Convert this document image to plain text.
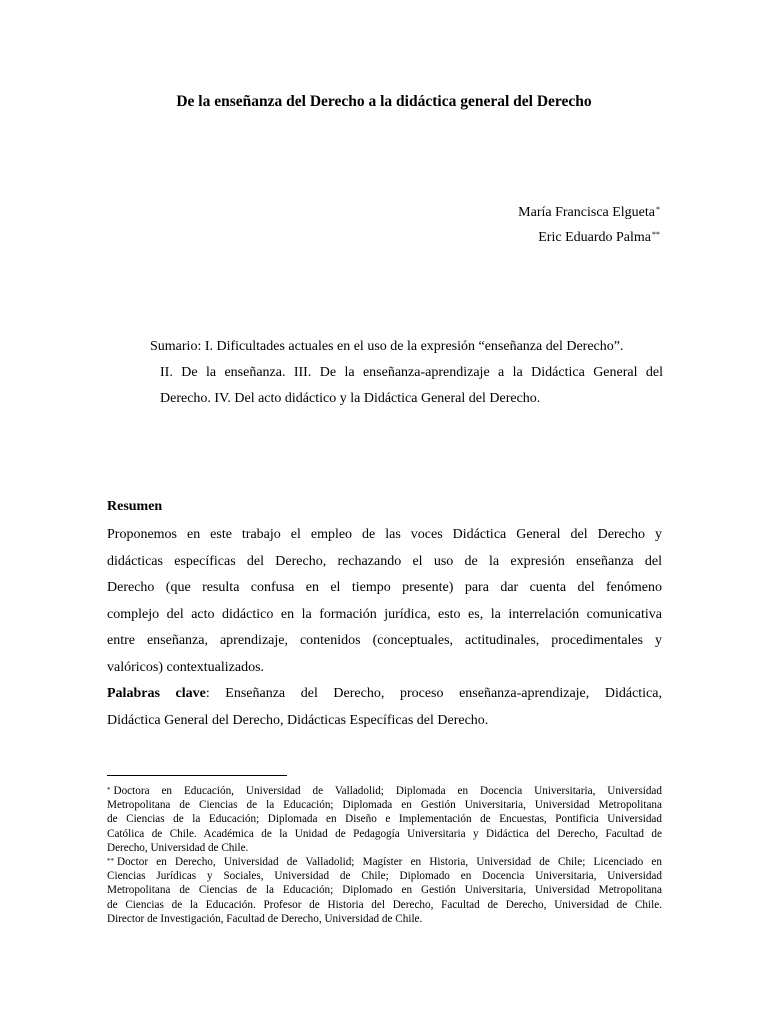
De la enseñanza del Derecho a la didáctica general del Derecho
María Francisca Elgueta*
Eric Eduardo Palma**
Sumario: I. Dificultades actuales en el uso de la expresión “enseñanza del Derecho”.
II. De la enseñanza. III. De la enseñanza-aprendizaje a la Didáctica General del
Derecho. IV. Del acto didáctico y la Didáctica General del Derecho.
Resumen
Proponemos en este trabajo el empleo de las voces Didáctica General del Derecho y
didácticas específicas del Derecho, rechazando el uso de la expresión enseñanza del
Derecho (que resulta confusa en el tiempo presente) para dar cuenta del fenómeno
complejo del acto didáctico en la formación jurídica, esto es, la interrelación comunicativa
entre enseñanza, aprendizaje, contenidos (conceptuales, actitudinales, procedimentales y
valóricos) contextualizados.
Palabras clave: Enseñanza del Derecho, proceso enseñanza-aprendizaje, Didáctica,
Didáctica General del Derecho, Didácticas Específicas del Derecho.
* Doctora en Educación, Universidad de Valladolid; Diplomada en Docencia Universitaria, Universidad
Metropolitana de Ciencias de la Educación; Diplomada en Gestión Universitaria, Universidad Metropolitana
de Ciencias de la Educación; Diplomada en Diseño e Implementación de Encuestas, Pontificia Universidad
Católica de Chile. Académica de la Unidad de Pedagogía Universitaria y Didáctica del Derecho, Facultad de
Derecho, Universidad de Chile.
** Doctor en Derecho, Universidad de Valladolid; Magíster en Historia, Universidad de Chile; Licenciado en
Ciencias Jurídicas y Sociales, Universidad de Chile; Diplomado en Docencia Universitaria, Universidad
Metropolitana de Ciencias de la Educación; Diplomado en Gestión Universitaria, Universidad Metropolitana
de Ciencias de la Educación. Profesor de Historia del Derecho, Facultad de Derecho, Universidad de Chile.
Director de Investigación, Facultad de Derecho, Universidad de Chile.
